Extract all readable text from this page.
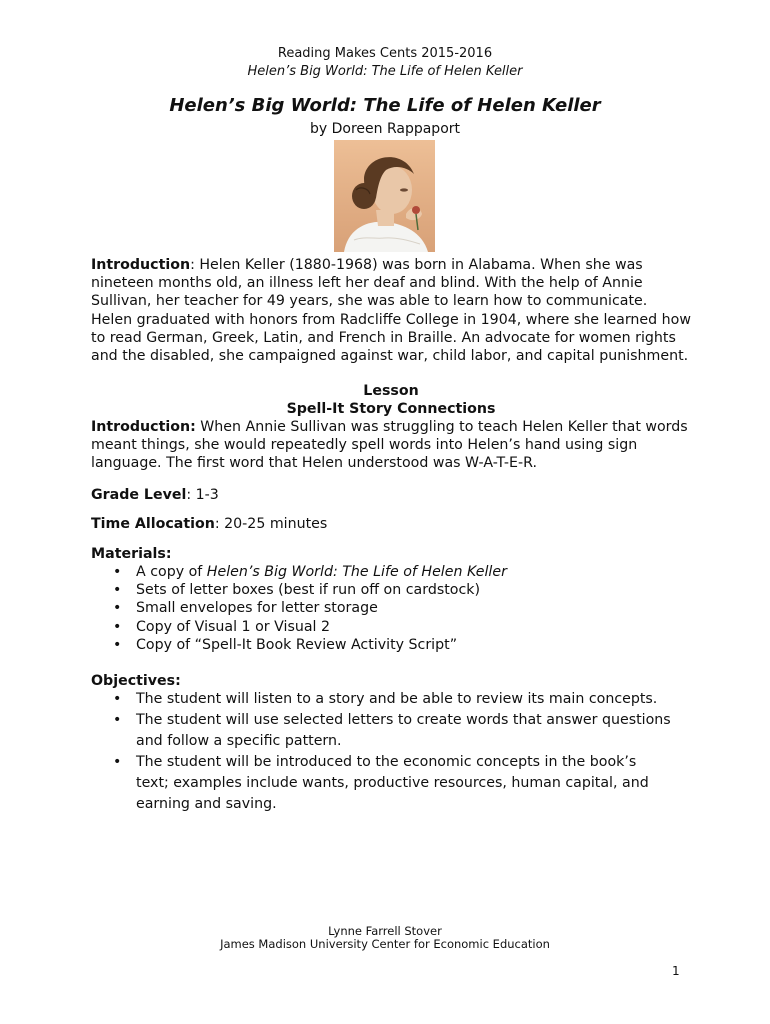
Reading Makes Cents 2015-2016
Helen’s Big World: The Life of Helen Keller
Helen’s Big World: The Life of Helen Keller
by Doreen Rappaport
Introduction: Helen Keller (1880-1968) was born in Alabama. When she was nineteen months old, an illness left her deaf and blind. With the help of Annie Sullivan, her teacher for 49 years, she was able to learn how to communicate. Helen graduated with honors from Radcliffe College in 1904, where she learned how to read German, Greek, Latin, and French in Braille. An advocate for women rights and the disabled, she campaigned against war, child labor, and capital punishment.
Lesson
Spell-It Story Connections
Introduction: When Annie Sullivan was struggling to teach Helen Keller that words meant things, she would repeatedly spell words into Helen’s hand using sign language. The first word that Helen understood was W-A-T-E-R.
Grade Level: 1-3
Time Allocation: 20-25 minutes
Materials:
• A copy of Helen’s Big World: The Life of Helen Keller
• Sets of letter boxes (best if run off on cardstock)
• Small envelopes for letter storage
• Copy of Visual 1 or Visual 2
• Copy of “Spell-It Book Review Activity Script”
Objectives:
• The student will listen to a story and be able to review its main concepts.
• The student will use selected letters to create words that answer questions and follow a specific pattern.
• The student will be introduced to the economic concepts in the book’s text; examples include wants, productive resources, human capital, and earning and saving.
Lynne Farrell Stover
James Madison University Center for Economic Education
1
